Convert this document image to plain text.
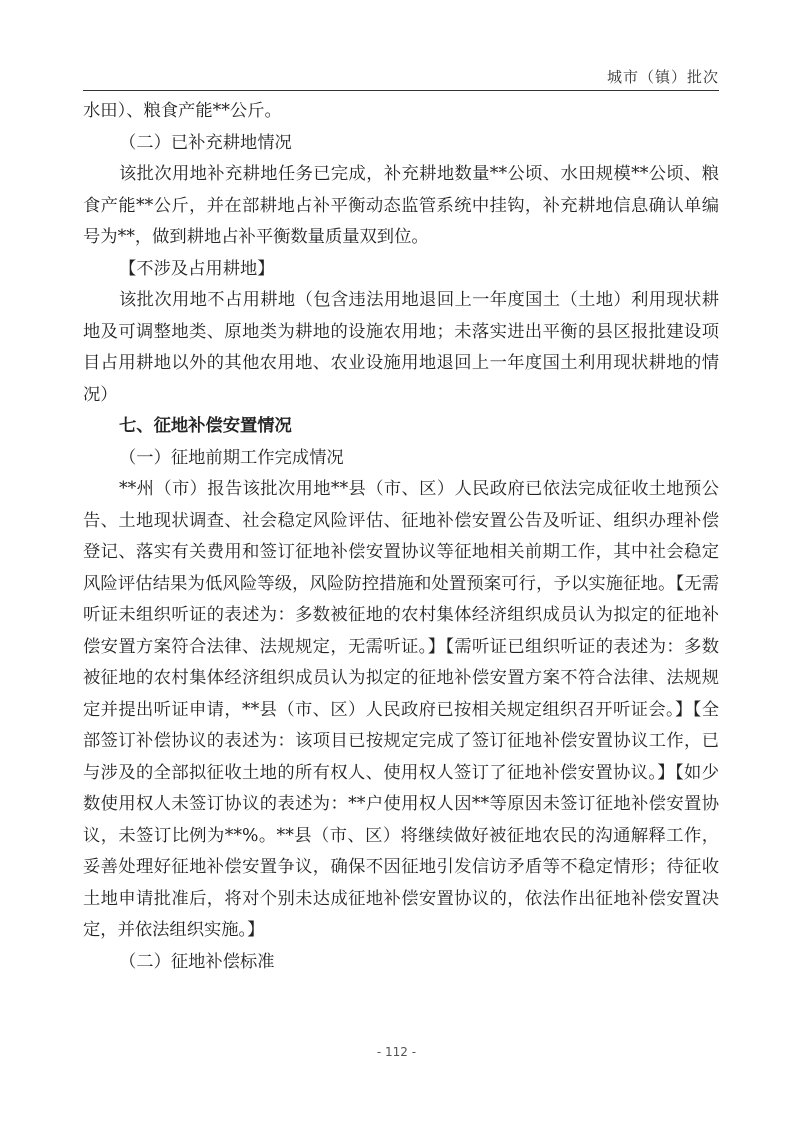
城市（镇）批次

水田）、粮食产能**公斤。

（二）已补充耕地情况

该批次用地补充耕地任务已完成，补充耕地数量**公顷、水田规模**公顷、粮食产能**公斤，并在部耕地占补平衡动态监管系统中挂钩，补充耕地信息确认单编号为**，做到耕地占补平衡数量质量双到位。

【不涉及占用耕地】

该批次用地不占用耕地（包含违法用地退回上一年度国土（土地）利用现状耕地及可调整地类、原地类为耕地的设施农用地；未落实进出平衡的县区报批建设项目占用耕地以外的其他农用地、农业设施用地退回上一年度国土利用现状耕地的情况）

七、征地补偿安置情况

（一）征地前期工作完成情况

**州（市）报告该批次用地**县（市、区）人民政府已依法完成征收土地预公告、土地现状调查、社会稳定风险评估、征地补偿安置公告及听证、组织办理补偿登记、落实有关费用和签订征地补偿安置协议等征地相关前期工作，其中社会稳定风险评估结果为低风险等级，风险防控措施和处置预案可行，予以实施征地。【无需听证未组织听证的表述为：多数被征地的农村集体经济组织成员认为拟定的征地补偿安置方案符合法律、法规规定，无需听证。】【需听证已组织听证的表述为：多数被征地的农村集体经济组织成员认为拟定的征地补偿安置方案不符合法律、法规规定并提出听证申请，**县（市、区）人民政府已按相关规定组织召开听证会。】【全部签订补偿协议的表述为：该项目已按规定完成了签订征地补偿安置协议工作，已与涉及的全部拟征收土地的所有权人、使用权人签订了征地补偿安置协议。】【如少数使用权人未签订协议的表述为：**户使用权人因**等原因未签订征地补偿安置协议，未签订比例为**%。**县（市、区）将继续做好被征地农民的沟通解释工作，妥善处理好征地补偿安置争议，确保不因征地引发信访矛盾等不稳定情形；待征收土地申请批准后，将对个别未达成征地补偿安置协议的，依法作出征地补偿安置决定，并依法组织实施。】

（二）征地补偿标准

- 112 -
